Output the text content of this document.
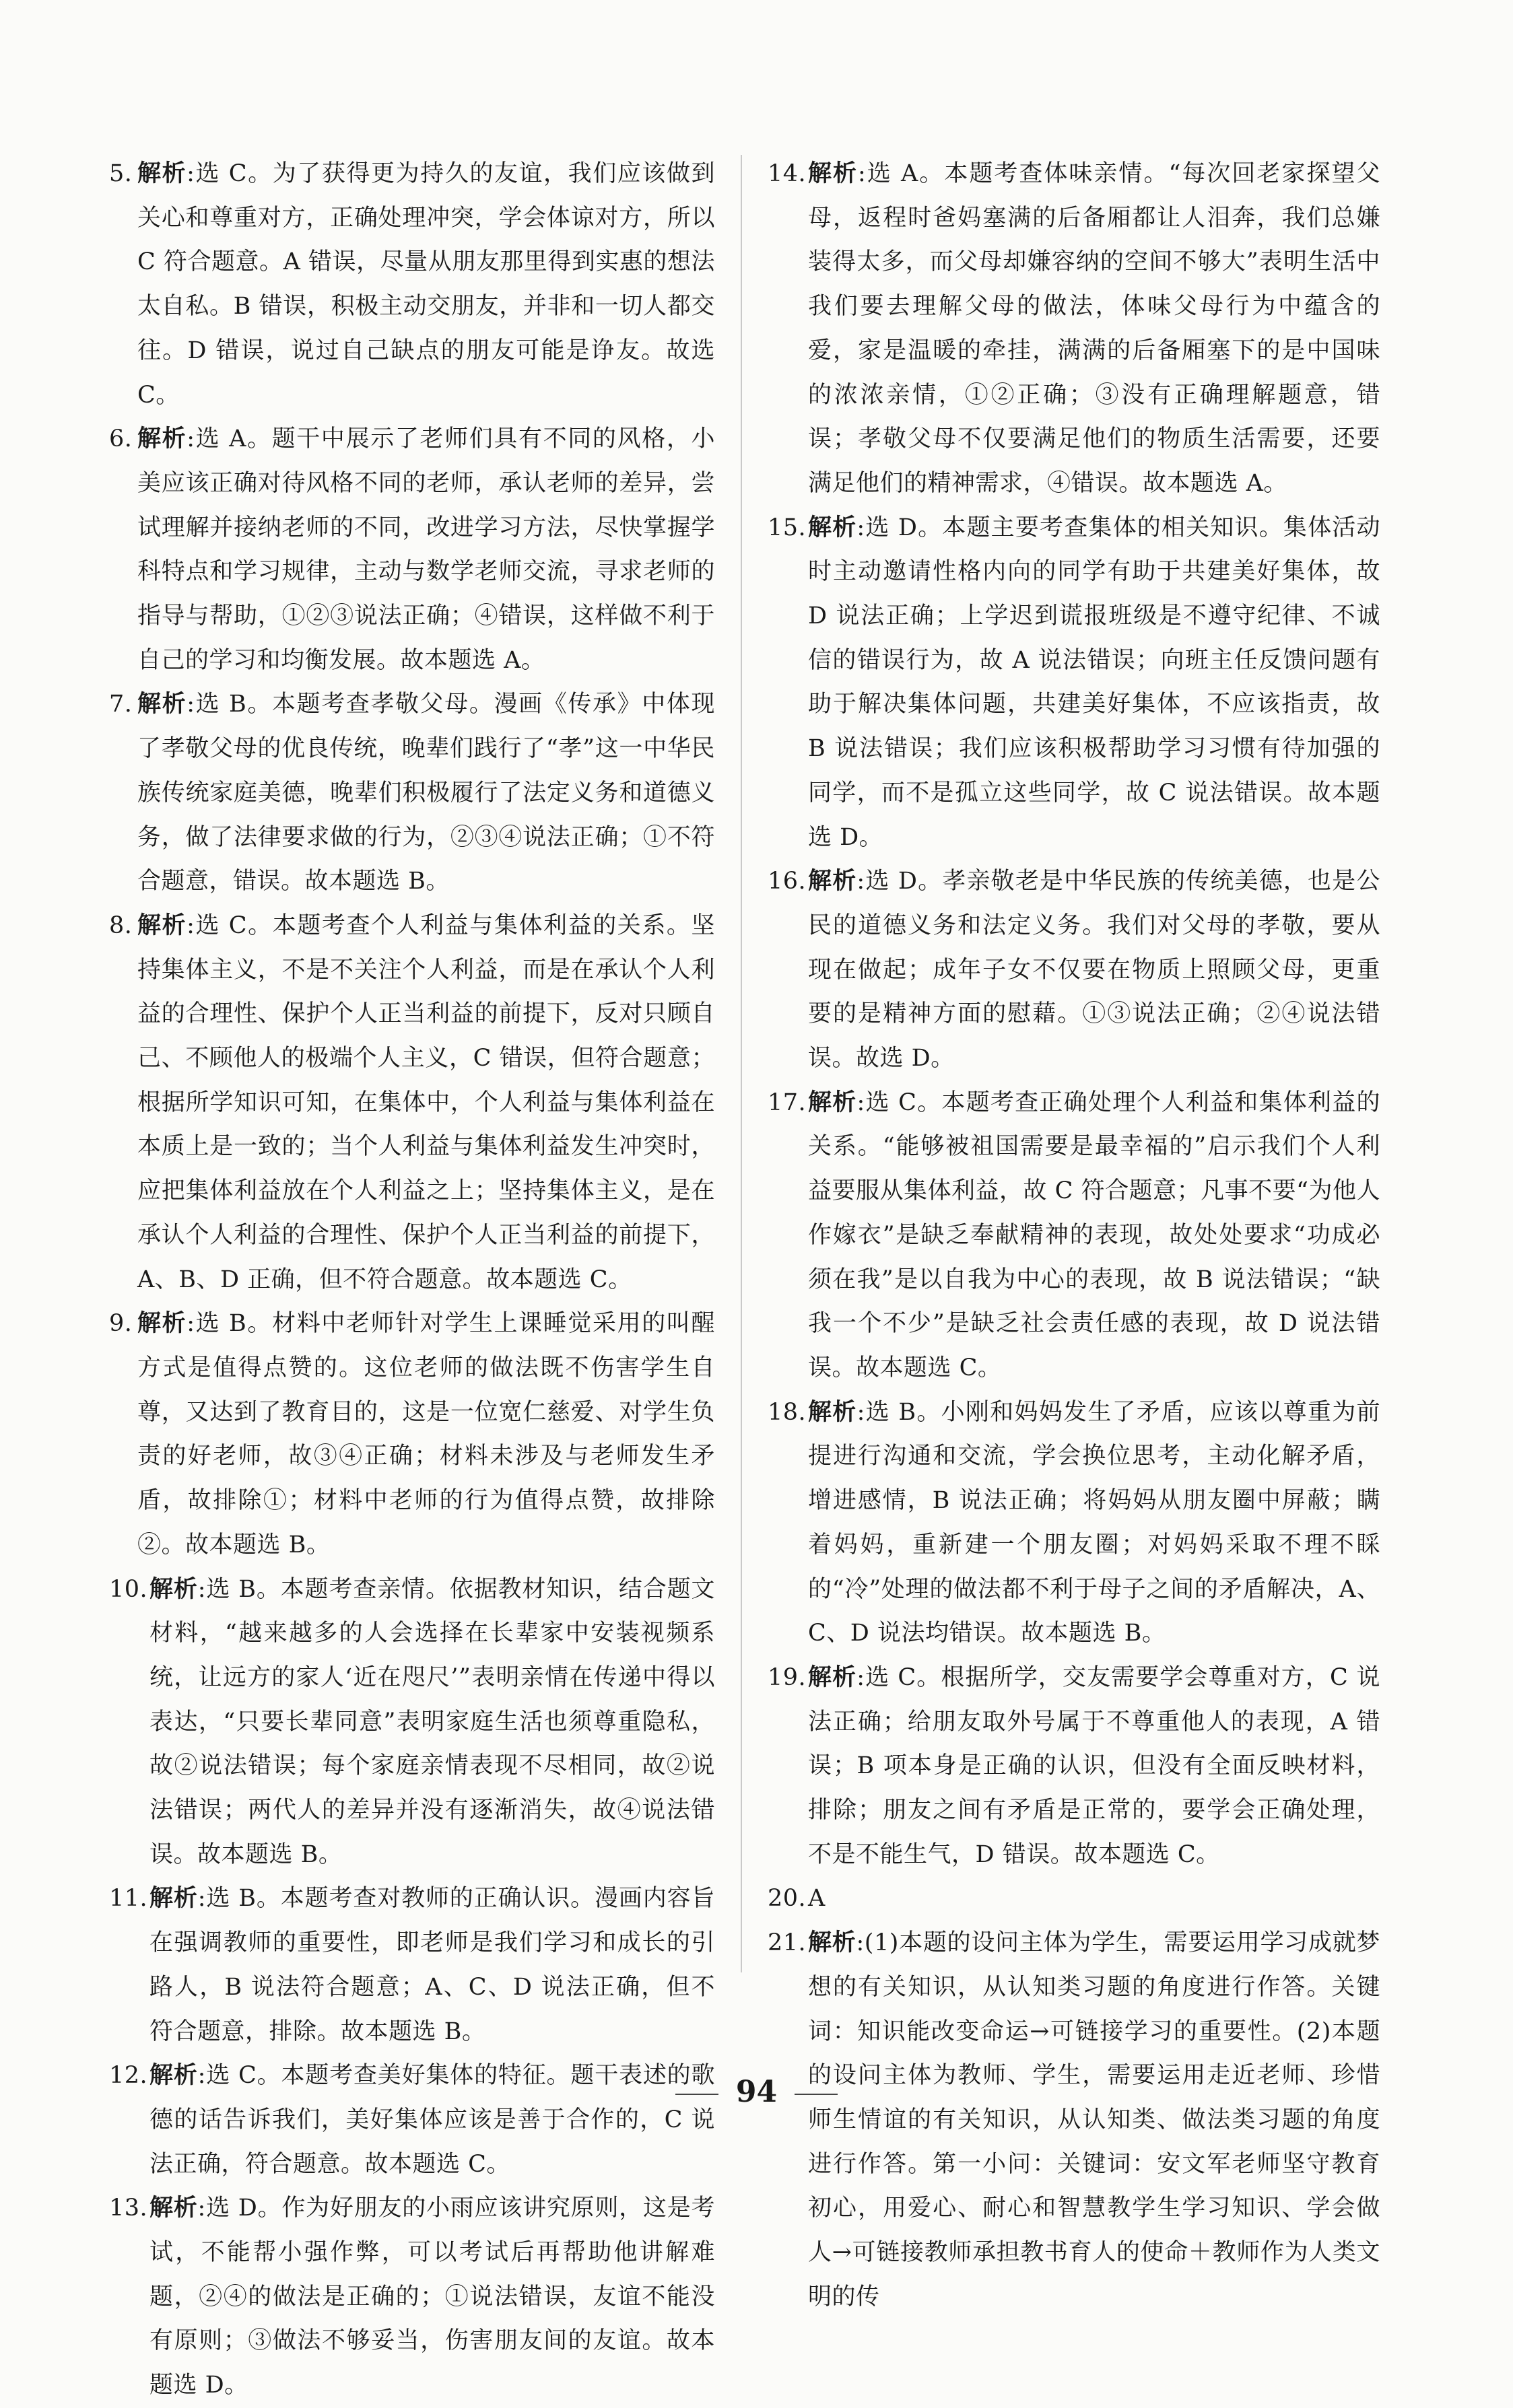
5. 解析:选 C。为了获得更为持久的友谊，我们应该做到关心和尊重对方，正确处理冲突，学会体谅对方，所以 C 符合题意。A 错误，尽量从朋友那里得到实惠的想法太自私。B 错误，积极主动交朋友，并非和一切人都交往。D 错误，说过自己缺点的朋友可能是诤友。故选 C。

6. 解析:选 A。题干中展示了老师们具有不同的风格，小美应该正确对待风格不同的老师，承认老师的差异，尝试理解并接纳老师的不同，改进学习方法，尽快掌握学科特点和学习规律，主动与数学老师交流，寻求老师的指导与帮助，①②③说法正确；④错误，这样做不利于自己的学习和均衡发展。故本题选 A。

7. 解析:选 B。本题考查孝敬父母。漫画《传承》中体现了孝敬父母的优良传统，晚辈们践行了“孝”这一中华民族传统家庭美德，晚辈们积极履行了法定义务和道德义务，做了法律要求做的行为，②③④说法正确；①不符合题意，错误。故本题选 B。

8. 解析:选 C。本题考查个人利益与集体利益的关系。坚持集体主义，不是不关注个人利益，而是在承认个人利益的合理性、保护个人正当利益的前提下，反对只顾自己、不顾他人的极端个人主义，C 错误，但符合题意；根据所学知识可知，在集体中，个人利益与集体利益在本质上是一致的；当个人利益与集体利益发生冲突时，应把集体利益放在个人利益之上；坚持集体主义，是在承认个人利益的合理性、保护个人正当利益的前提下，A、B、D 正确，但不符合题意。故本题选 C。

9. 解析:选 B。材料中老师针对学生上课睡觉采用的叫醒方式是值得点赞的。这位老师的做法既不伤害学生自尊，又达到了教育目的，这是一位宽仁慈爱、对学生负责的好老师，故③④正确；材料未涉及与老师发生矛盾，故排除①；材料中老师的行为值得点赞，故排除②。故本题选 B。

10. 解析:选 B。本题考查亲情。依据教材知识，结合题文材料，“越来越多的人会选择在长辈家中安装视频系统，让远方的家人‘近在咫尺’”表明亲情在传递中得以表达，“只要长辈同意”表明家庭生活也须尊重隐私，故②说法错误；每个家庭亲情表现不尽相同，故②说法错误；两代人的差异并没有逐渐消失，故④说法错误。故本题选 B。

11. 解析:选 B。本题考查对教师的正确认识。漫画内容旨在强调教师的重要性，即老师是我们学习和成长的引路人，B 说法符合题意；A、C、D 说法正确，但不符合题意，排除。故本题选 B。

12. 解析:选 C。本题考查美好集体的特征。题干表述的歌德的话告诉我们，美好集体应该是善于合作的，C 说法正确，符合题意。故本题选 C。

13. 解析:选 D。作为好朋友的小雨应该讲究原则，这是考试，不能帮小强作弊，可以考试后再帮助他讲解难题，②④的做法是正确的；①说法错误，友谊不能没有原则；③做法不够妥当，伤害朋友间的友谊。故本题选 D。

14. 解析:选 A。本题考查体味亲情。“每次回老家探望父母，返程时爸妈塞满的后备厢都让人泪奔，我们总嫌装得太多，而父母却嫌容纳的空间不够大”表明生活中我们要去理解父母的做法，体味父母行为中蕴含的爱，家是温暖的牵挂，满满的后备厢塞下的是中国味的浓浓亲情，①②正确；③没有正确理解题意，错误；孝敬父母不仅要满足他们的物质生活需要，还要满足他们的精神需求，④错误。故本题选 A。

15. 解析:选 D。本题主要考查集体的相关知识。集体活动时主动邀请性格内向的同学有助于共建美好集体，故 D 说法正确；上学迟到谎报班级是不遵守纪律、不诚信的错误行为，故 A 说法错误；向班主任反馈问题有助于解决集体问题，共建美好集体，不应该指责，故 B 说法错误；我们应该积极帮助学习习惯有待加强的同学，而不是孤立这些同学，故 C 说法错误。故本题选 D。

16. 解析:选 D。孝亲敬老是中华民族的传统美德，也是公民的道德义务和法定义务。我们对父母的孝敬，要从现在做起；成年子女不仅要在物质上照顾父母，更重要的是精神方面的慰藉。①③说法正确；②④说法错误。故选 D。

17. 解析:选 C。本题考查正确处理个人利益和集体利益的关系。“能够被祖国需要是最幸福的”启示我们个人利益要服从集体利益，故 C 符合题意；凡事不要“为他人作嫁衣”是缺乏奉献精神的表现，故处处要求“功成必须在我”是以自我为中心的表现，故 B 说法错误；“缺我一个不少”是缺乏社会责任感的表现，故 D 说法错误。故本题选 C。

18. 解析:选 B。小刚和妈妈发生了矛盾，应该以尊重为前提进行沟通和交流，学会换位思考，主动化解矛盾，增进感情，B 说法正确；将妈妈从朋友圈中屏蔽；瞒着妈妈，重新建一个朋友圈；对妈妈采取不理不睬的“冷”处理的做法都不利于母子之间的矛盾解决，A、C、D 说法均错误。故本题选 B。

19. 解析:选 C。根据所学，交友需要学会尊重对方，C 说法正确；给朋友取外号属于不尊重他人的表现，A 错误；B 项本身是正确的认识，但没有全面反映材料，排除；朋友之间有矛盾是正常的，要学会正确处理，不是不能生气，D 错误。故本题选 C。

20. A

21. 解析:(1)本题的设问主体为学生，需要运用学习成就梦想的有关知识，从认知类习题的角度进行作答。关键词：知识能改变命运→可链接学习的重要性。(2)本题的设问主体为教师、学生，需要运用走近老师、珍惜师生情谊的有关知识，从认知类、做法类习题的角度进行作答。第一小问：关键词：安文军老师坚守教育初心，用爱心、耐心和智慧教学生学习知识、学会做人→可链接教师承担教书育人的使命＋教师作为人类文明的传

94
